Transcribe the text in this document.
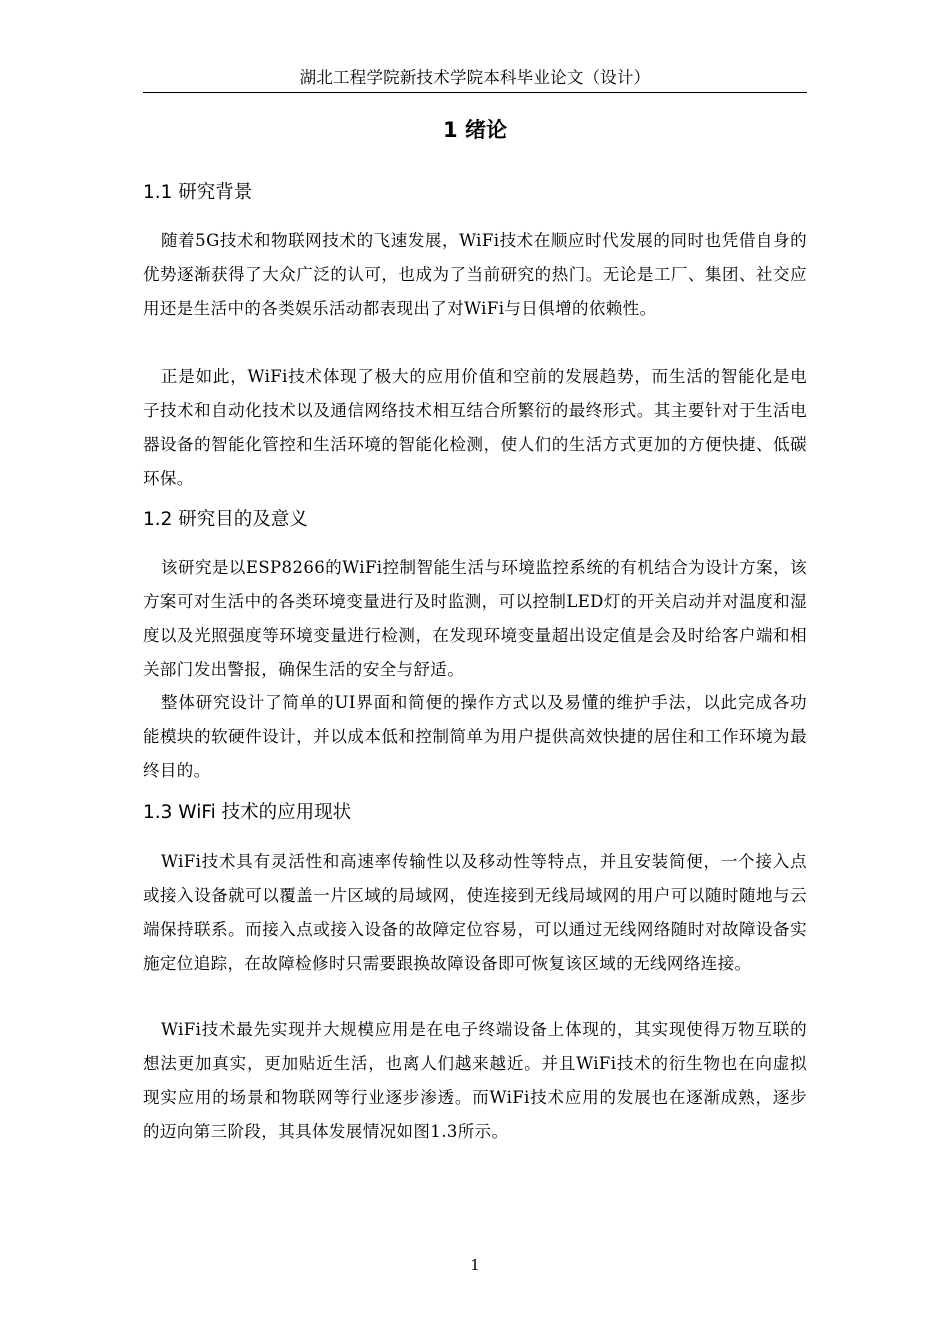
湖北工程学院新技术学院本科毕业论文（设计）
1 绪论
1.1 研究背景

随着5G技术和物联网技术的飞速发展，WiFi技术在顺应时代发展的同时也凭借自身的优势逐渐获得了大众广泛的认可，也成为了当前研究的热门。无论是工厂、集团、社交应用还是生活中的各类娱乐活动都表现出了对WiFi与日俱增的依赖性。

正是如此，WiFi技术体现了极大的应用价值和空前的发展趋势，而生活的智能化是电子技术和自动化技术以及通信网络技术相互结合所繁衍的最终形式。其主要针对于生活电器设备的智能化管控和生活环境的智能化检测，使人们的生活方式更加的方便快捷、低碳环保。

1.2 研究目的及意义

该研究是以ESP8266的WiFi控制智能生活与环境监控系统的有机结合为设计方案，该方案可对生活中的各类环境变量进行及时监测，可以控制LED灯的开关启动并对温度和湿度以及光照强度等环境变量进行检测，在发现环境变量超出设定值是会及时给客户端和相关部门发出警报，确保生活的安全与舒适。

整体研究设计了简单的UI界面和简便的操作方式以及易懂的维护手法，以此完成各功能模块的软硬件设计，并以成本低和控制简单为用户提供高效快捷的居住和工作环境为最终目的。

1.3 WiFi 技术的应用现状

WiFi技术具有灵活性和高速率传输性以及移动性等特点，并且安装简便，一个接入点或接入设备就可以覆盖一片区域的局域网，使连接到无线局域网的用户可以随时随地与云端保持联系。而接入点或接入设备的故障定位容易，可以通过无线网络随时对故障设备实施定位追踪，在故障检修时只需要跟换故障设备即可恢复该区域的无线网络连接。

WiFi技术最先实现并大规模应用是在电子终端设备上体现的，其实现使得万物互联的想法更加真实，更加贴近生活，也离人们越来越近。并且WiFi技术的衍生物也在向虚拟现实应用的场景和物联网等行业逐步渗透。而WiFi技术应用的发展也在逐渐成熟，逐步的迈向第三阶段，其具体发展情况如图1.3所示。

1
